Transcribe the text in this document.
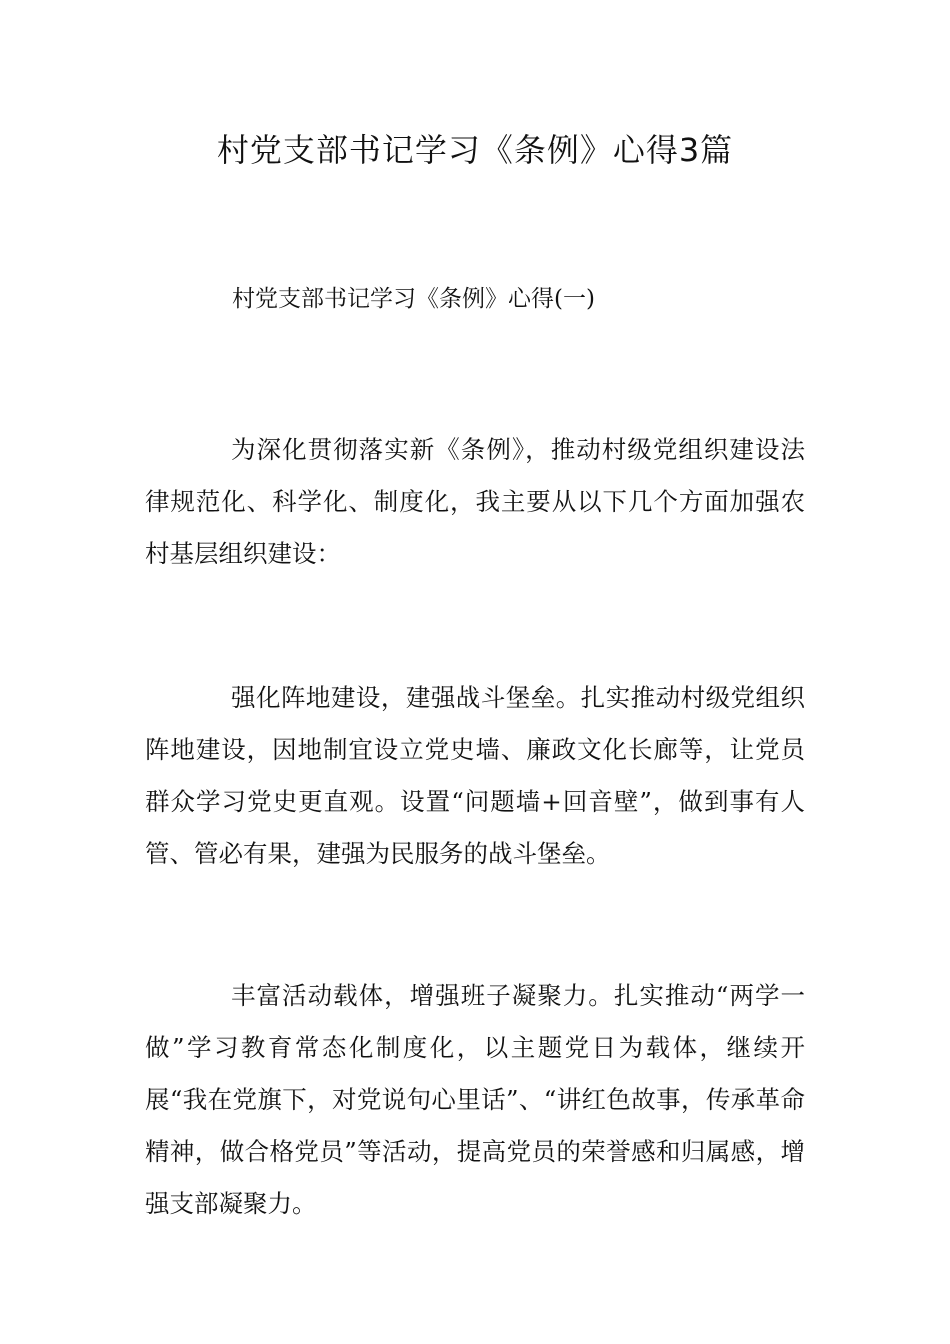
村党支部书记学习《条例》心得3篇

村党支部书记学习《条例》心得(一)

为深化贯彻落实新《条例》，推动村级党组织建设法律规范化、科学化、制度化，我主要从以下几个方面加强农村基层组织建设：

强化阵地建设，建强战斗堡垒。扎实推动村级党组织阵地建设，因地制宜设立党史墙、廉政文化长廊等，让党员群众学习党史更直观。设置“问题墙+回音壁”，做到事有人管、管必有果，建强为民服务的战斗堡垒。

丰富活动载体，增强班子凝聚力。扎实推动“两学一做”学习教育常态化制度化，以主题党日为载体，继续开展“我在党旗下，对党说句心里话”、“讲红色故事，传承革命精神，做合格党员”等活动，提高党员的荣誉感和归属感，增强支部凝聚力。
